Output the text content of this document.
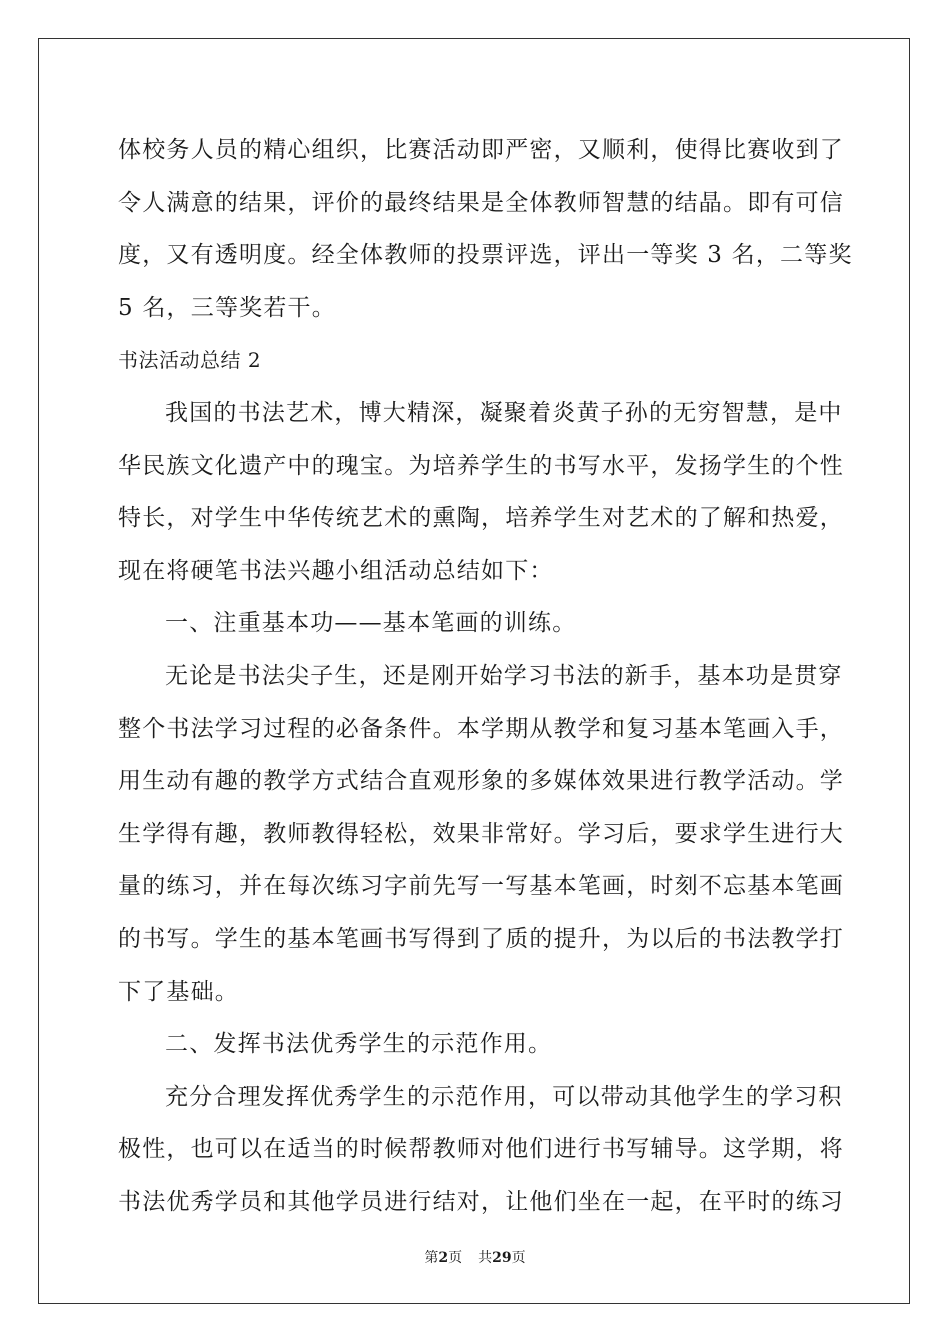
体校务人员的精心组织，比赛活动即严密，又顺利，使得比赛收到了
令人满意的结果，评价的最终结果是全体教师智慧的结晶。即有可信
度，又有透明度。经全体教师的投票评选，评出一等奖 3 名，二等奖
5 名，三等奖若干。
书法活动总结 2
我国的书法艺术，博大精深，凝聚着炎黄子孙的无穷智慧，是中
华民族文化遗产中的瑰宝。为培养学生的书写水平，发扬学生的个性
特长，对学生中华传统艺术的熏陶，培养学生对艺术的了解和热爱，
现在将硬笔书法兴趣小组活动总结如下：
一、注重基本功——基本笔画的训练。
无论是书法尖子生，还是刚开始学习书法的新手，基本功是贯穿
整个书法学习过程的必备条件。本学期从教学和复习基本笔画入手，
用生动有趣的教学方式结合直观形象的多媒体效果进行教学活动。学
生学得有趣，教师教得轻松，效果非常好。学习后，要求学生进行大
量的练习，并在每次练习字前先写一写基本笔画，时刻不忘基本笔画
的书写。学生的基本笔画书写得到了质的提升，为以后的书法教学打
下了基础。
二、发挥书法优秀学生的示范作用。
充分合理发挥优秀学生的示范作用，可以带动其他学生的学习积
极性，也可以在适当的时候帮教师对他们进行书写辅导。这学期，将
书法优秀学员和其他学员进行结对，让他们坐在一起，在平时的练习
第2页 共29页
